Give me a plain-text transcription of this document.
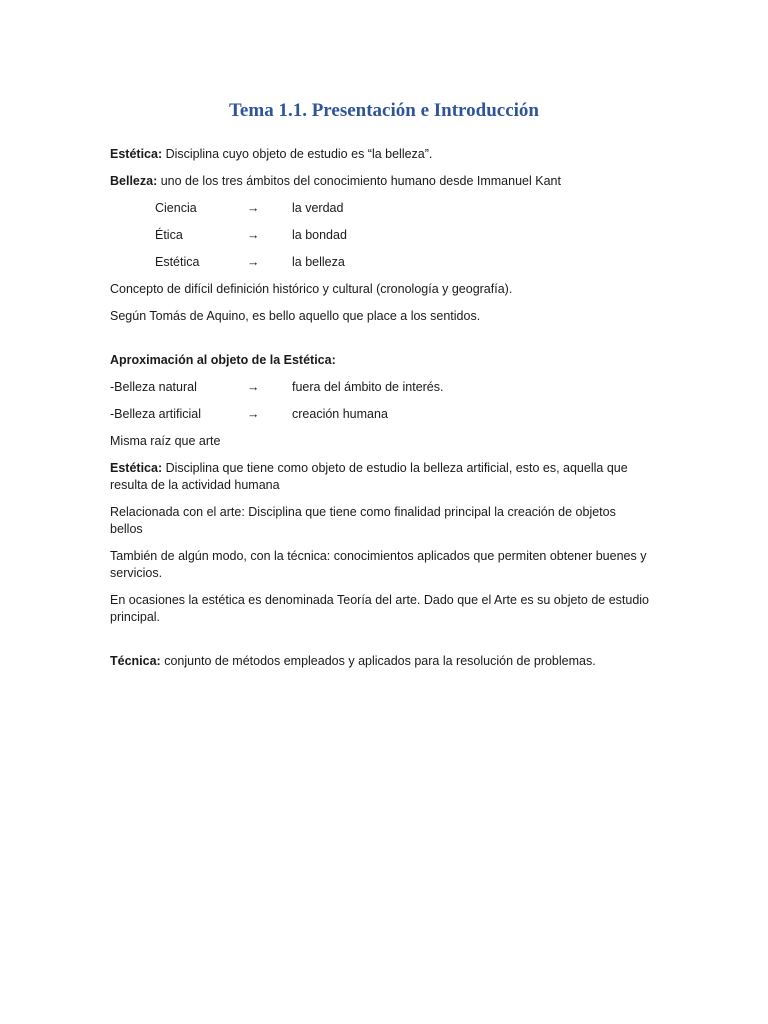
Tema 1.1. Presentación e Introducción

Estética: Disciplina cuyo objeto de estudio es “la belleza”.

Belleza: uno de los tres ámbitos del conocimiento humano desde Immanuel Kant

Ciencia	→	la verdad
Ética	→	la bondad
Estética	→	la belleza

Concepto de difícil definición histórico y cultural (cronología y geografía).

Según Tomás de Aquino, es bello aquello que place a los sentidos.

Aproximación al objeto de la Estética:

-Belleza natural	→	fuera del ámbito de interés.
-Belleza artificial	→	creación humana

Misma raíz que arte

Estética: Disciplina que tiene como objeto de estudio la belleza artificial, esto es, aquella que resulta de la actividad humana

Relacionada con el arte: Disciplina que tiene como finalidad principal la creación de objetos bellos

También de algún modo, con la técnica: conocimientos aplicados que permiten obtener buenes y servicios.

En ocasiones la estética es denominada Teoría del arte. Dado que el Arte es su objeto de estudio principal.

Técnica: conjunto de métodos empleados y aplicados para la resolución de problemas.
